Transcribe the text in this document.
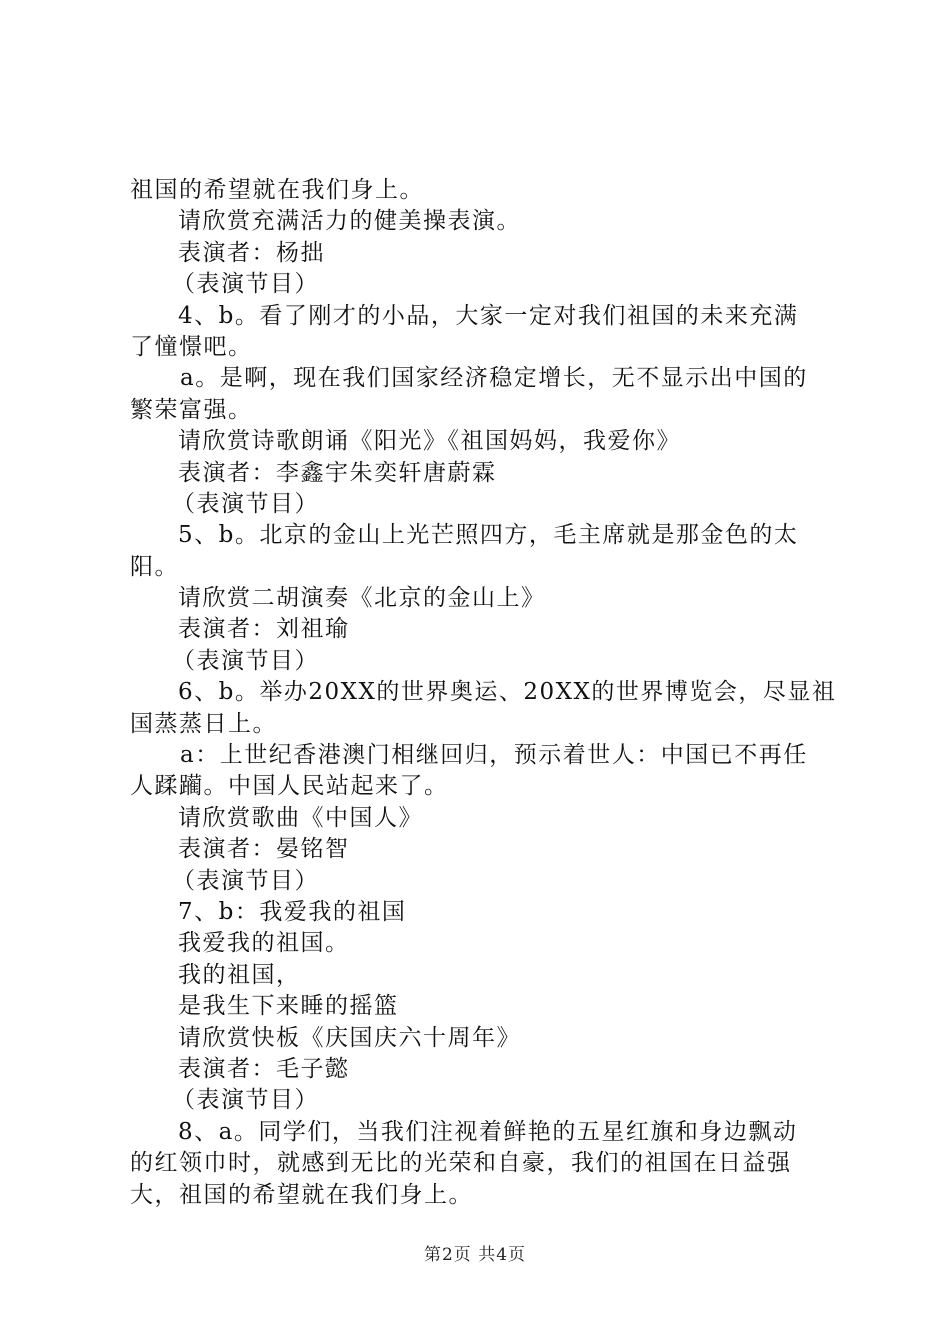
祖国的希望就在我们身上。
请欣赏充满活力的健美操表演。
表演者：杨拙
（表演节目）
4、b。看了刚才的小品，大家一定对我们祖国的未来充满
了憧憬吧。
a。是啊，现在我们国家经济稳定增长，无不显示出中国的
繁荣富强。
请欣赏诗歌朗诵《阳光》《祖国妈妈，我爱你》
表演者：李鑫宇朱奕轩唐蔚霖
（表演节目）
5、b。北京的金山上光芒照四方，毛主席就是那金色的太
阳。
请欣赏二胡演奏《北京的金山上》
表演者：刘祖瑜
（表演节目）
6、b。举办20XX的世界奥运、20XX的世界博览会，尽显祖
国蒸蒸日上。
a：上世纪香港澳门相继回归，预示着世人：中国已不再任
人蹂躏。中国人民站起来了。
请欣赏歌曲《中国人》
表演者：晏铭智
（表演节目）
7、b：我爱我的祖国
我爱我的祖国。
我的祖国，
是我生下来睡的摇篮
请欣赏快板《庆国庆六十周年》
表演者：毛子懿
（表演节目）
8、a。同学们，当我们注视着鲜艳的五星红旗和身边飘动
的红领巾时，就感到无比的光荣和自豪，我们的祖国在日益强
大，祖国的希望就在我们身上。
第2页 共4页
